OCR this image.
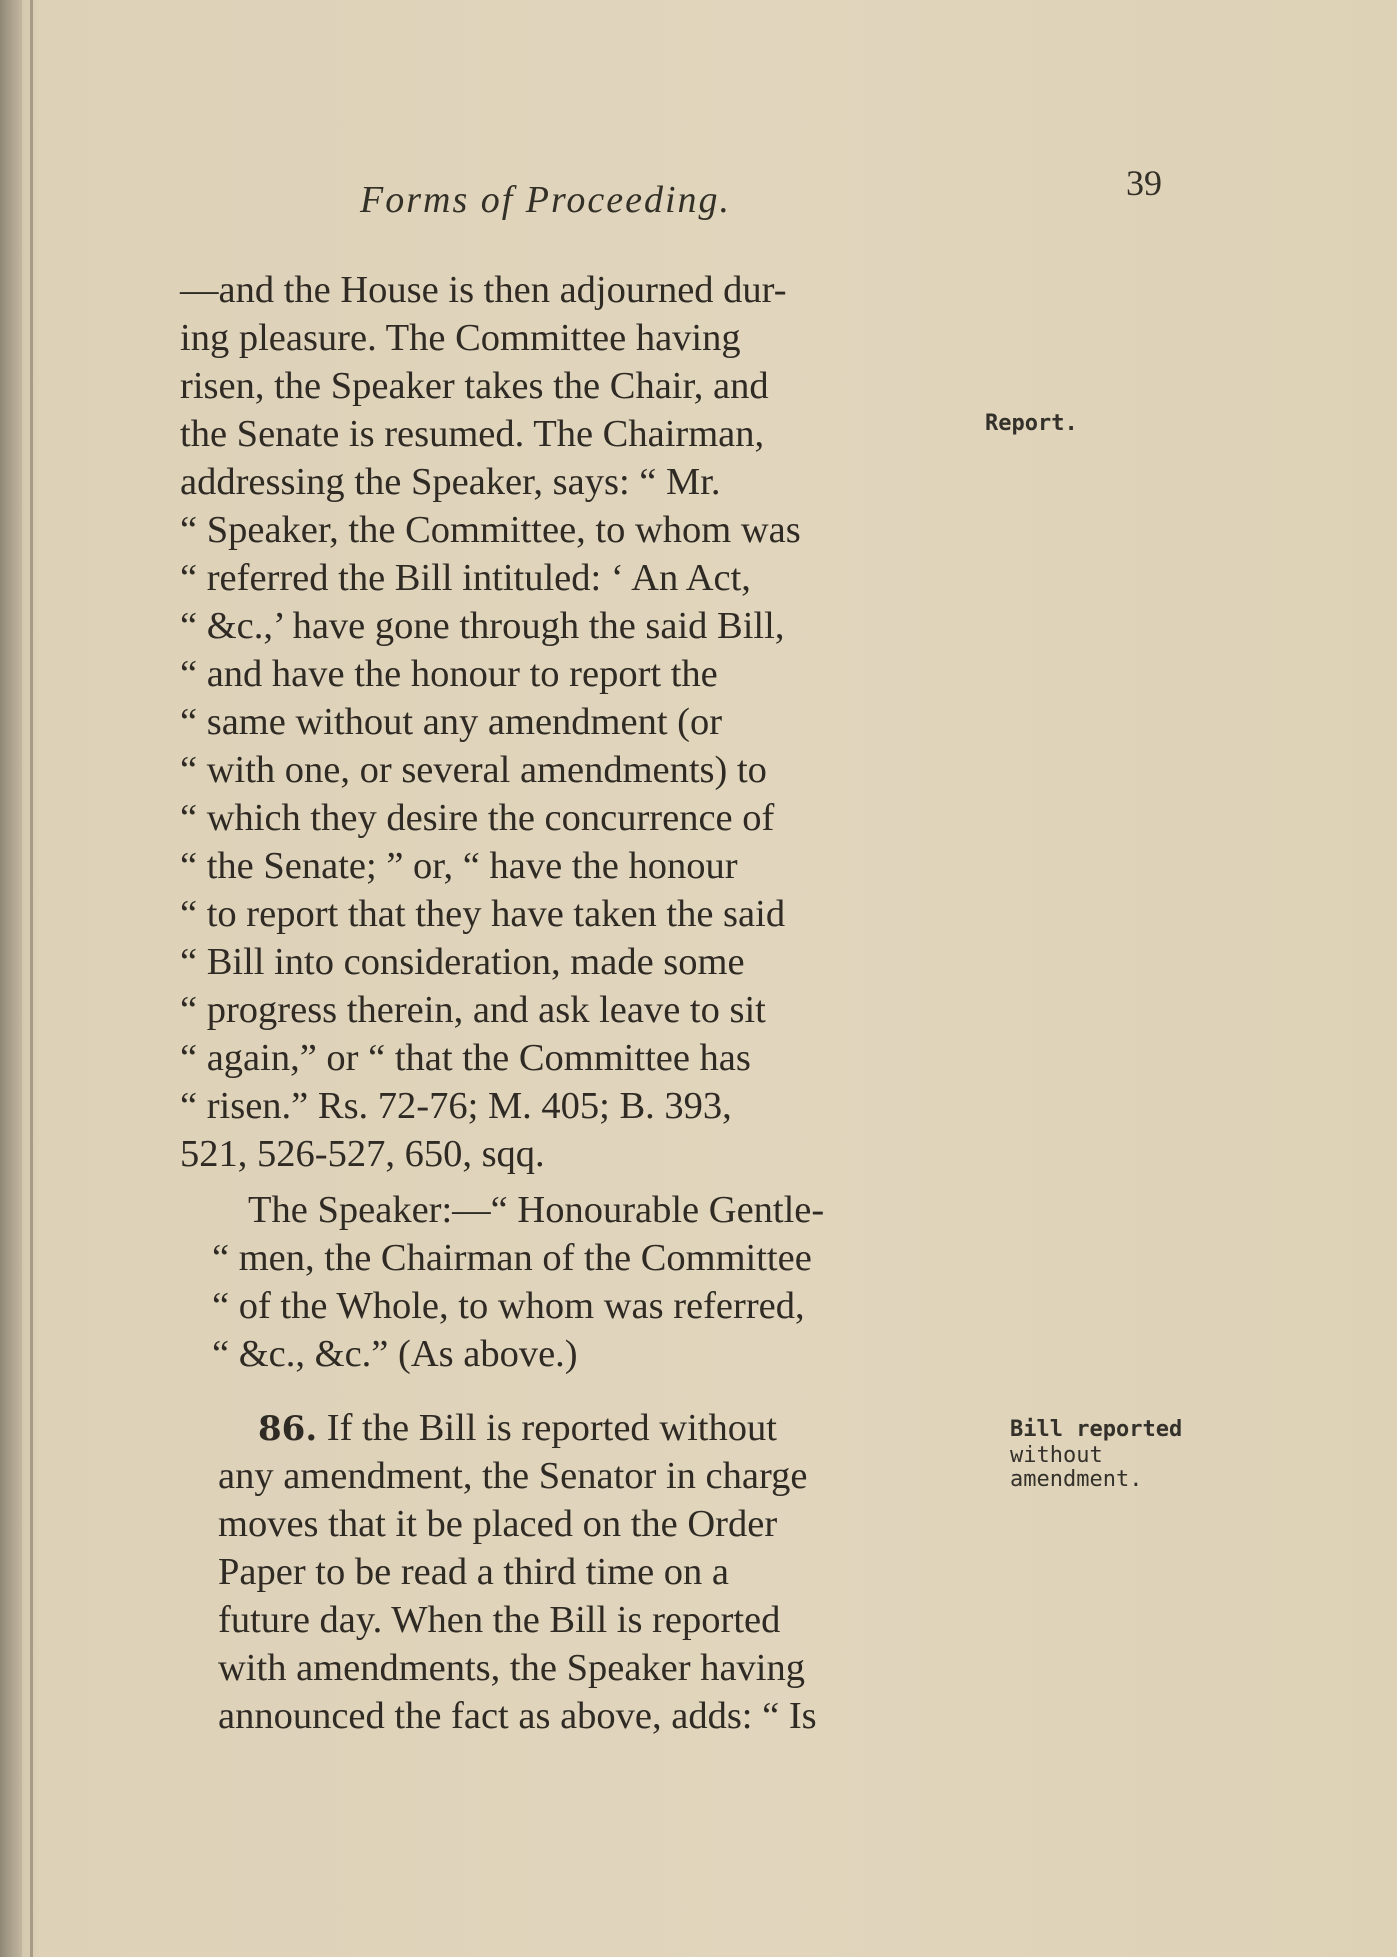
Forms of Proceeding.	39
—and the House is then adjourned dur-
ing pleasure. The Committee having
risen, the Speaker takes the Chair, and
the Senate is resumed. The Chairman,
addressing the Speaker, says: “ Mr.
“ Speaker, the Committee, to whom was
“ referred the Bill intituled: ‘ An Act,
“ &c.,’ have gone through the said Bill,
“ and have the honour to report the
“ same without any amendment (or
“ with one, or several amendments) to
“ which they desire the concurrence of
“ the Senate; ” or, “ have the honour
“ to report that they have taken the said
“ Bill into consideration, made some
“ progress therein, and ask leave to sit
“ again,” or “ that the Committee has
“ risen.” Rs. 72-76; M. 405; B. 393,
521, 526-527, 650, sqq.
The Speaker:—“ Honourable Gentle-
“ men, the Chairman of the Committee
“ of the Whole, to whom was referred,
“ &c., &c.” (As above.)
86. If the Bill is reported without
any amendment, the Senator in charge
moves that it be placed on the Order
Paper to be read a third time on a
future day. When the Bill is reported
with amendments, the Speaker having
announced the fact as above, adds: “ Is
Report.
Bill reported
without
amendment.
